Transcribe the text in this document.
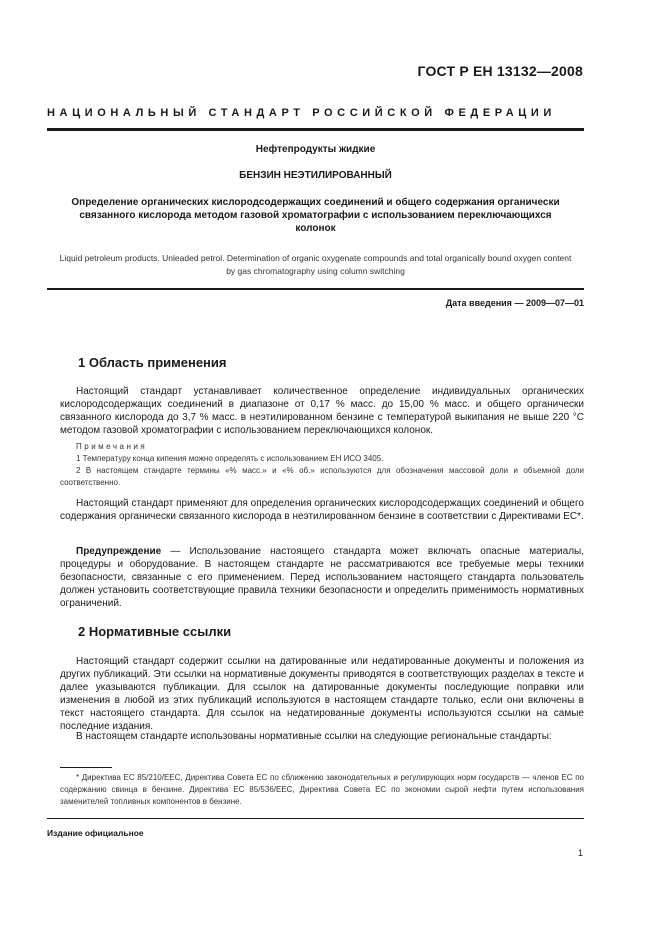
ГОСТ Р ЕН 13132—2008
НАЦИОНАЛЬНЫЙ СТАНДАРТ РОССИЙСКОЙ ФЕДЕРАЦИИ
Нефтепродукты жидкие
БЕНЗИН НЕЭТИЛИРОВАННЫЙ
Определение органических кислородсодержащих соединений и общего содержания органически связанного кислорода методом газовой хроматографии с использованием переключающихся колонок
Liquid petroleum products. Unleaded petrol. Determination of organic oxygenate compounds and total organically bound oxygen content by gas chromatography using column switching
Дата введения — 2009—07—01
1 Область применения
Настоящий стандарт устанавливает количественное определение индивидуальных органических кислородсодержащих соединений в диапазоне от 0,17 % масс. до 15,00 % масс. и общего органически связанного кислорода до 3,7 % масс. в неэтилированном бензине с температурой выкипания не выше 220 °C методом газовой хроматографии с использованием переключающихся колонок.
Примечания
1 Температуру конца кипения можно определять с использованием ЕН ИСО 3405.
2 В настоящем стандарте термины «% масс.» и «% об.» используются для обозначения массовой доли и объемной доли соответственно.
Настоящий стандарт применяют для определения органических кислородсодержащих соединений и общего содержания органически связанного кислорода в неэтилированном бензине в соответствии с Директивами ЕС*.
Предупреждение — Использование настоящего стандарта может включать опасные материалы, процедуры и оборудование. В настоящем стандарте не рассматриваются все требуемые меры техники безопасности, связанные с его применением. Перед использованием настоящего стандарта пользователь должен установить соответствующие правила техники безопасности и определить применимость нормативных ограничений.
2 Нормативные ссылки
Настоящий стандарт содержит ссылки на датированные или недатированные документы и положения из других публикаций. Эти ссылки на нормативные документы приводятся в соответствующих разделах в тексте и далее указываются публикации. Для ссылок на датированные документы последующие поправки или изменения в любой из этих публикаций используются в настоящем стандарте только, если они включены в текст настоящего стандарта. Для ссылок на недатированные документы используются ссылки на самые последние издания.
В настоящем стандарте использованы нормативные ссылки на следующие региональные стандарты:
* Директива ЕС 85/210/EEC, Директива Совета ЕС по сближению законодательных и регулирующих норм государств — членов ЕС по содержанию свинца в бензине. Директива ЕС 85/536/EEC, Директива Совета ЕС по экономии сырой нефти путем использования заменителей топливных компонентов в бензине.
Издание официальное
1
